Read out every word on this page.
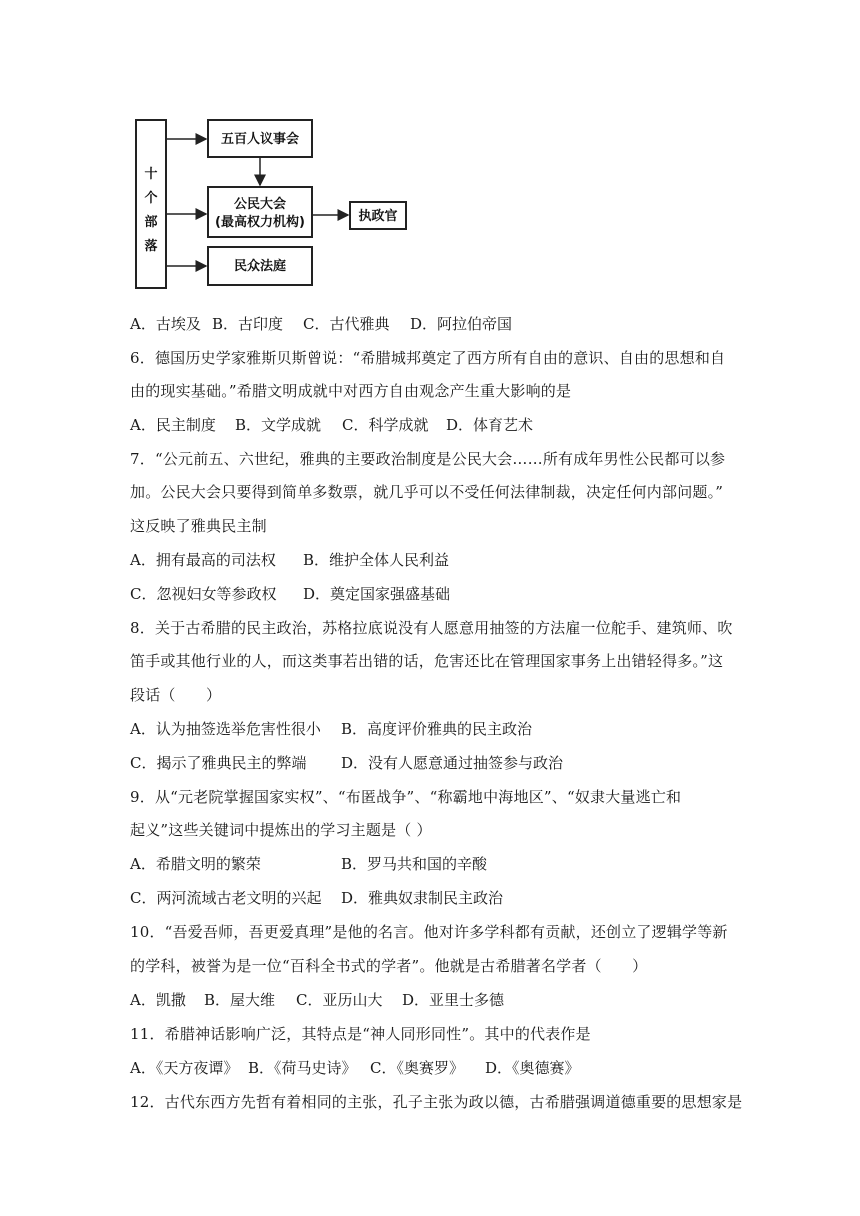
十
个
部
落
五百人议事会
公民大会
(最高权力机构)	执政官
民众法庭
A．古埃及 B．古印度 C．古代雅典 D．阿拉伯帝国
6．德国历史学家雅斯贝斯曾说：“希腊城邦奠定了西方所有自由的意识、自由的思想和自
由的现实基础。”希腊文明成就中对西方自由观念产生重大影响的是
A．民主制度 B．文学成就 C．科学成就 D．体育艺术
7．“公元前五、六世纪，雅典的主要政治制度是公民大会……所有成年男性公民都可以参
加。公民大会只要得到简单多数票，就几乎可以不受任何法律制裁，决定任何内部问题。”
这反映了雅典民主制
A．拥有最高的司法权 B．维护全体人民利益
C．忽视妇女等参政权 D．奠定国家强盛基础
8．关于古希腊的民主政治，苏格拉底说没有人愿意用抽签的方法雇一位舵手、建筑师、吹
笛手或其他行业的人，而这类事若出错的话，危害还比在管理国家事务上出错轻得多。”这
段话（　　）
A．认为抽签选举危害性很小 B．高度评价雅典的民主政治
C．揭示了雅典民主的弊端 D．没有人愿意通过抽签参与政治
9．从“元老院掌握国家实权”、“布匿战争”、“称霸地中海地区”、“奴隶大量逃亡和
起义”这些关键词中提炼出的学习主题是（ ）
A．希腊文明的繁荣	B．罗马共和国的辛酸
C．两河流域古老文明的兴起 D．雅典奴隶制民主政治
10．“吾爱吾师，吾更爱真理”是他的名言。他对许多学科都有贡献，还创立了逻辑学等新
的学科，被誉为是一位“百科全书式的学者”。他就是古希腊著名学者（　　）
A．凯撒 B．屋大维 C．亚历山大 D．亚里士多德
11．希腊神话影响广泛，其特点是“神人同形同性”。其中的代表作是
A．《天方夜谭》 B．《荷马史诗》 C．《奥赛罗》 D．《奥德赛》
12．古代东西方先哲有着相同的主张，孔子主张为政以德，古希腊强调道德重要的思想家是
